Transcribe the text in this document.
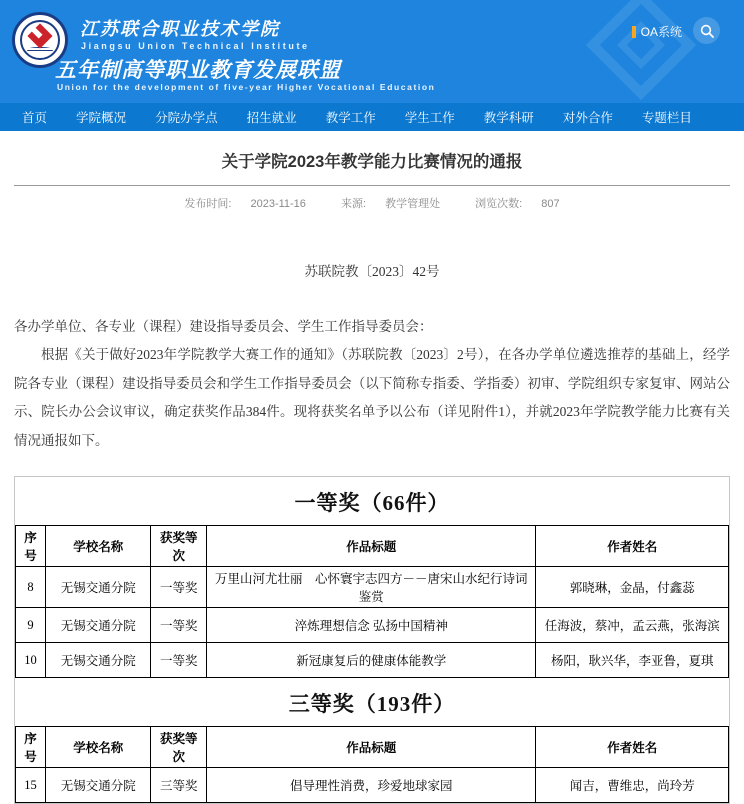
江苏联合职业技术学院
Jiangsu Union Technical Institute
五年制高等职业教育发展联盟
Union for the development of five-year Higher Vocational Education
OA系统
首页 学院概况 分院办学点 招生就业 教学工作 学生工作 教学科研 对外合作 专题栏目
关于学院2023年教学能力比赛情况的通报
发布时间: 2023-11-16	来源: 教学管理处	浏览次数: 807
苏联院教〔2023〕42号
各办学单位、各专业（课程）建设指导委员会、学生工作指导委员会：
根据《关于做好2023年学院教学大赛工作的通知》（苏联院教〔2023〕2号），在各办学单位遴选推荐的基础上，经学院各专业（课程）建设指导委员会和学生工作指导委员会（以下简称专指委、学指委）初审、学院组织专家复审、网站公示、院长办公会议审议，确定获奖作品384件。现将获奖名单予以公布（详见附件1），并就2023年学院教学能力比赛有关情况通报如下。
一等奖（66件）
序号	学校名称	获奖等次	作品标题	作者姓名
8	无锡交通分院	一等奖	万里山河尤壮丽　心怀寰宇志四方－－唐宋山水纪行诗词鉴赏	郭晓琳，金晶，付鑫蕊
9	无锡交通分院	一等奖	淬炼理想信念 弘扬中国精神	任海波，蔡冲，孟云燕，张海滨
10	无锡交通分院	一等奖	新冠康复后的健康体能教学	杨阳，耿兴华，李亚鲁，夏琪
三等奖（193件）
序号	学校名称	获奖等次	作品标题	作者姓名
15	无锡交通分院	三等奖	倡导理性消费，珍爱地球家园	闻吉，曹维忠，尚玲芳
